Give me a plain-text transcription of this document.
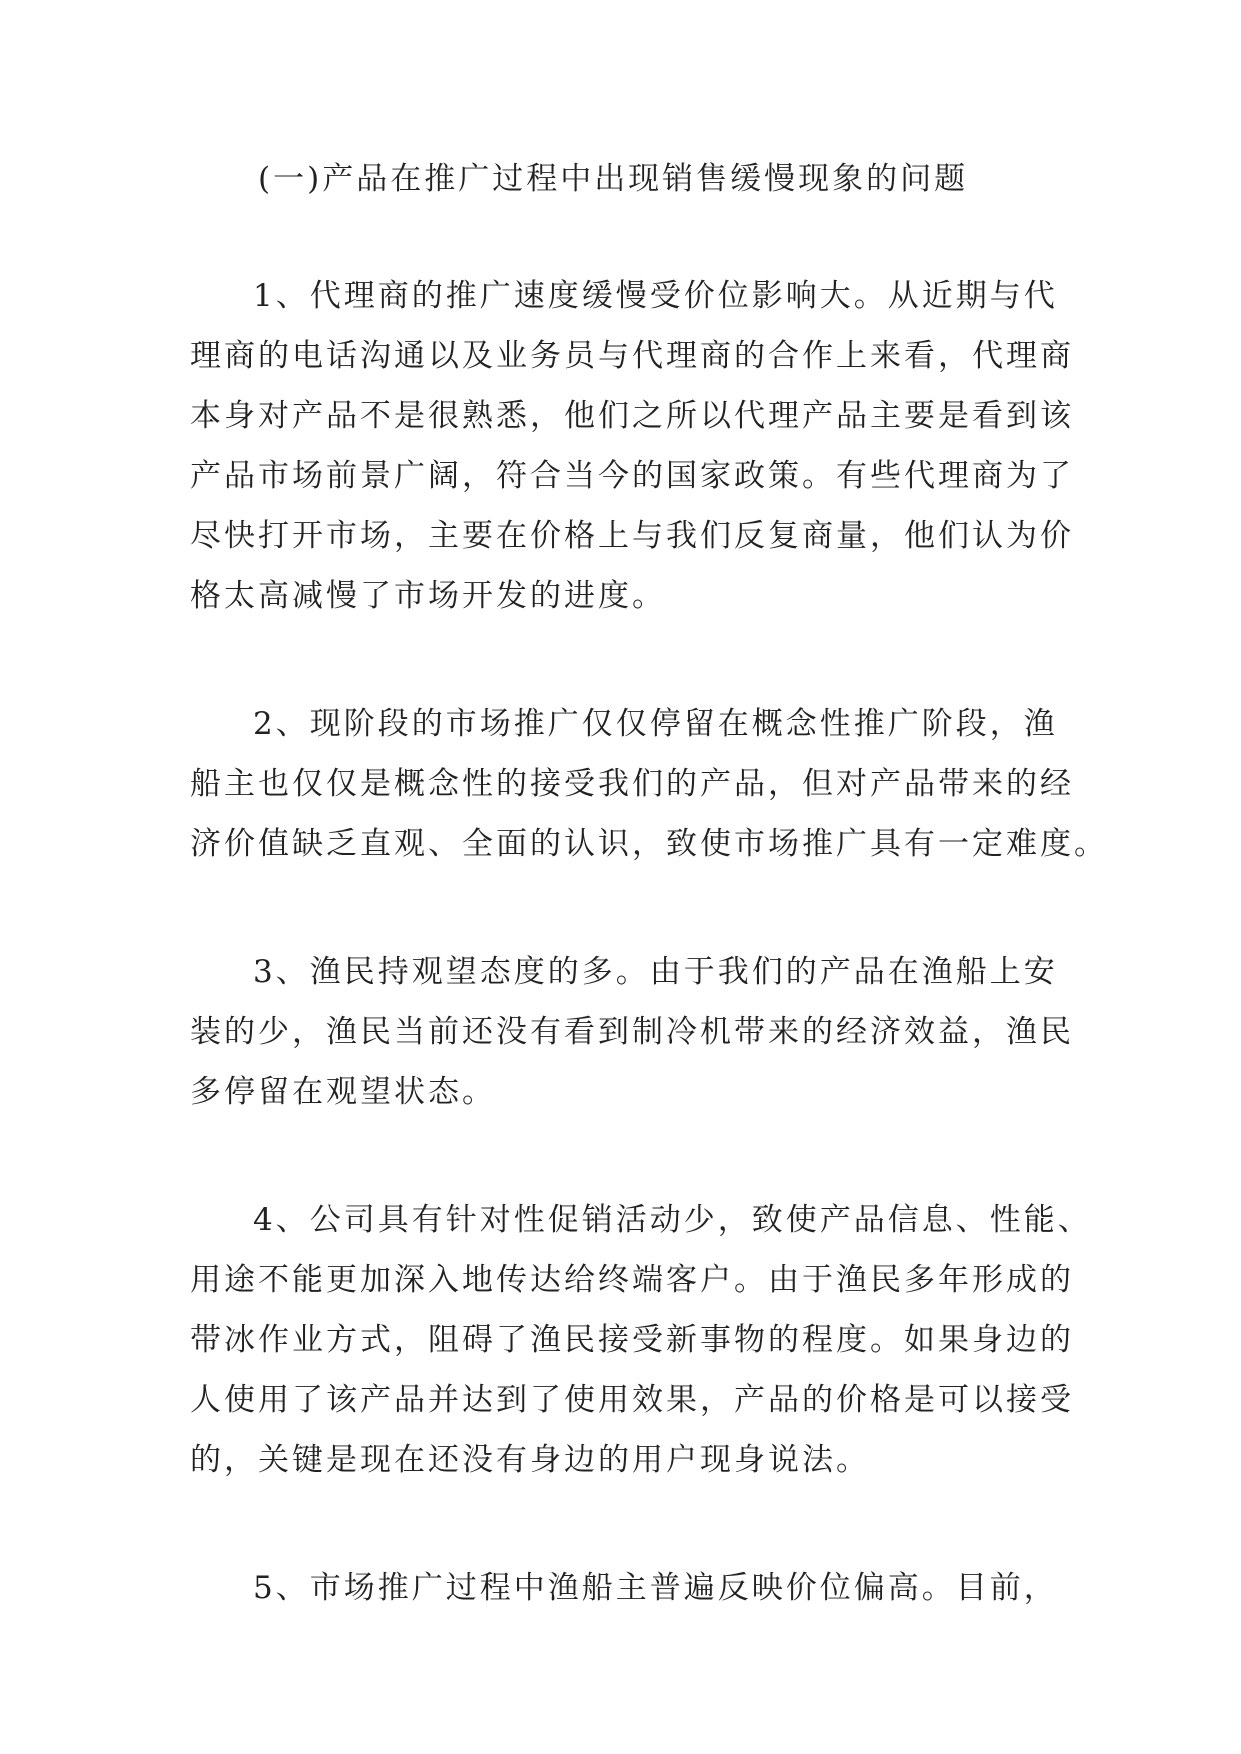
(一)产品在推广过程中出现销售缓慢现象的问题
1、代理商的推广速度缓慢受价位影响大。从近期与代
理商的电话沟通以及业务员与代理商的合作上来看，代理商
本身对产品不是很熟悉，他们之所以代理产品主要是看到该
产品市场前景广阔，符合当今的国家政策。有些代理商为了
尽快打开市场，主要在价格上与我们反复商量，他们认为价
格太高减慢了市场开发的进度。
2、现阶段的市场推广仅仅停留在概念性推广阶段，渔
船主也仅仅是概念性的接受我们的产品，但对产品带来的经
济价值缺乏直观、全面的认识，致使市场推广具有一定难度。
3、渔民持观望态度的多。由于我们的产品在渔船上安
装的少，渔民当前还没有看到制冷机带来的经济效益，渔民
多停留在观望状态。
4、公司具有针对性促销活动少，致使产品信息、性能、
用途不能更加深入地传达给终端客户。由于渔民多年形成的
带冰作业方式，阻碍了渔民接受新事物的程度。如果身边的
人使用了该产品并达到了使用效果，产品的价格是可以接受
的，关键是现在还没有身边的用户现身说法。
5、市场推广过程中渔船主普遍反映价位偏高。目前，
